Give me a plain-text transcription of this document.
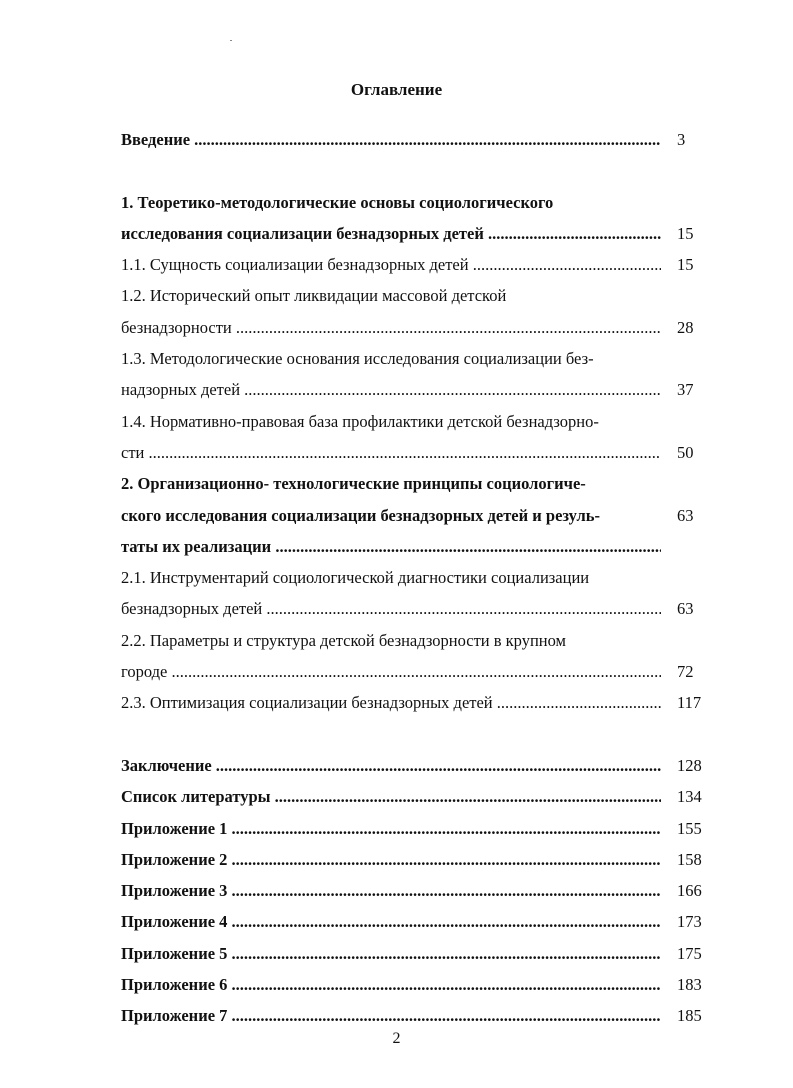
Оглавление
Введение .....	3
1. Теоретико-методологические основы социологического
исследования социализации безнадзорных детей .....	15
1.1. Сущность социализации безнадзорных детей .....	15
1.2. Исторический опыт ликвидации массовой детской
безнадзорности .....	28
1.3. Методологические основания исследования социализации без-
надзорных детей .....	37
1.4. Нормативно-правовая база профилактики детской безнадзорно-
сти .....	50
2. Организационно- технологические принципы социологиче-
ского исследования социализации безнадзорных детей и резуль-	63
таты их реализации .....
2.1. Инструментарий социологической диагностики социализации
безнадзорных детей .....	63
2.2. Параметры и структура детской безнадзорности в крупном
городе .....	72
2.3. Оптимизация социализации безнадзорных детей .....	117
Заключение .....	128
Список литературы .....	134
Приложение 1 .....	155
Приложение 2 .....	158
Приложение 3 .....	166
Приложение 4 .....	173
Приложение 5 .....	175
Приложение 6 .....	183
Приложение 7 .....	185
2
